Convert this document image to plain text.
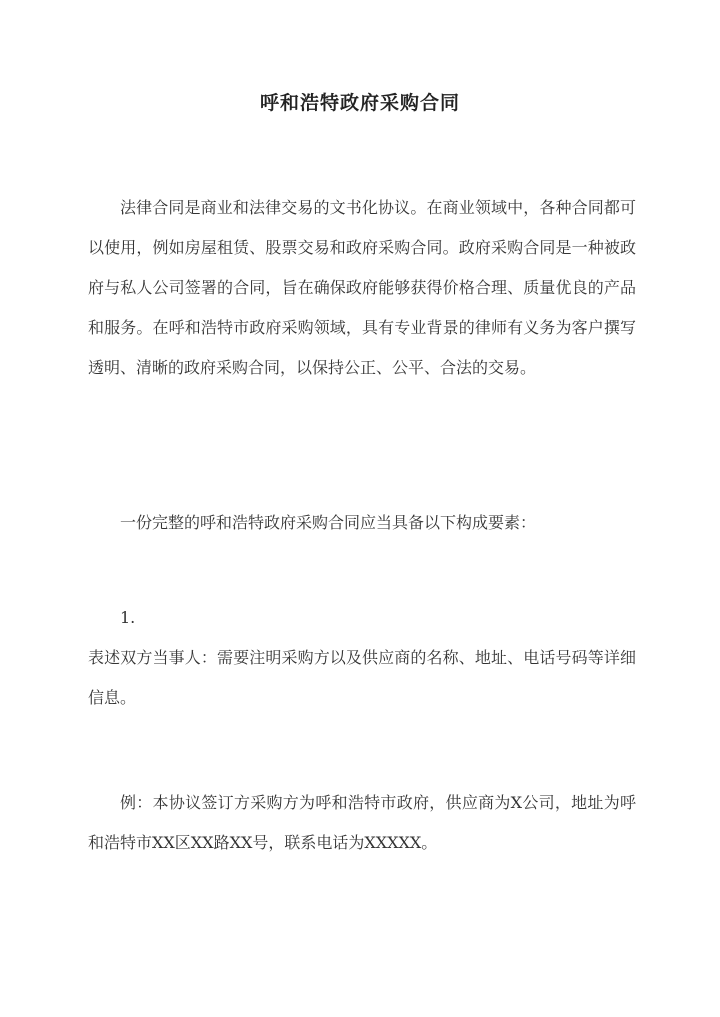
呼和浩特政府采购合同

法律合同是商业和法律交易的文书化协议。在商业领域中，各种合同都可以使用，例如房屋租赁、股票交易和政府采购合同。政府采购合同是一种被政府与私人公司签署的合同，旨在确保政府能够获得价格合理、质量优良的产品和服务。在呼和浩特市政府采购领域，具有专业背景的律师有义务为客户撰写透明、清晰的政府采购合同，以保持公正、公平、合法的交易。

一份完整的呼和浩特政府采购合同应当具备以下构成要素：

1.

表述双方当事人：需要注明采购方以及供应商的名称、地址、电话号码等详细信息。

例：本协议签订方采购方为呼和浩特市政府，供应商为X公司，地址为呼和浩特市XX区XX路XX号，联系电话为XXXXX。
